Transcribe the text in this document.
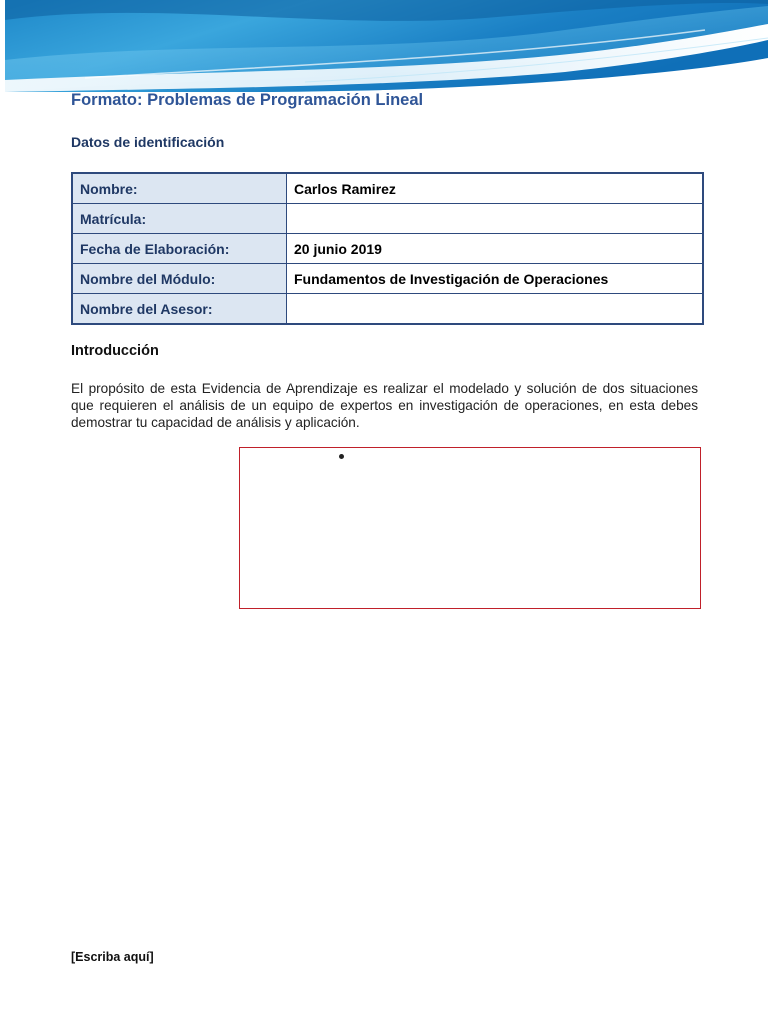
Formato: Problemas de Programación Lineal
Datos de identificación
Nombre:	Carlos Ramirez
Matrícula:	
Fecha de Elaboración:	20 junio 2019
Nombre del Módulo:	Fundamentos de Investigación de Operaciones
Nombre del Asesor:	
Introducción
El propósito de esta Evidencia de Aprendizaje es realizar el modelado y solución de dos situaciones que requieren el análisis de un equipo de expertos en investigación de operaciones, en esta debes demostrar tu capacidad de análisis y aplicación.
[Escriba aquí]
